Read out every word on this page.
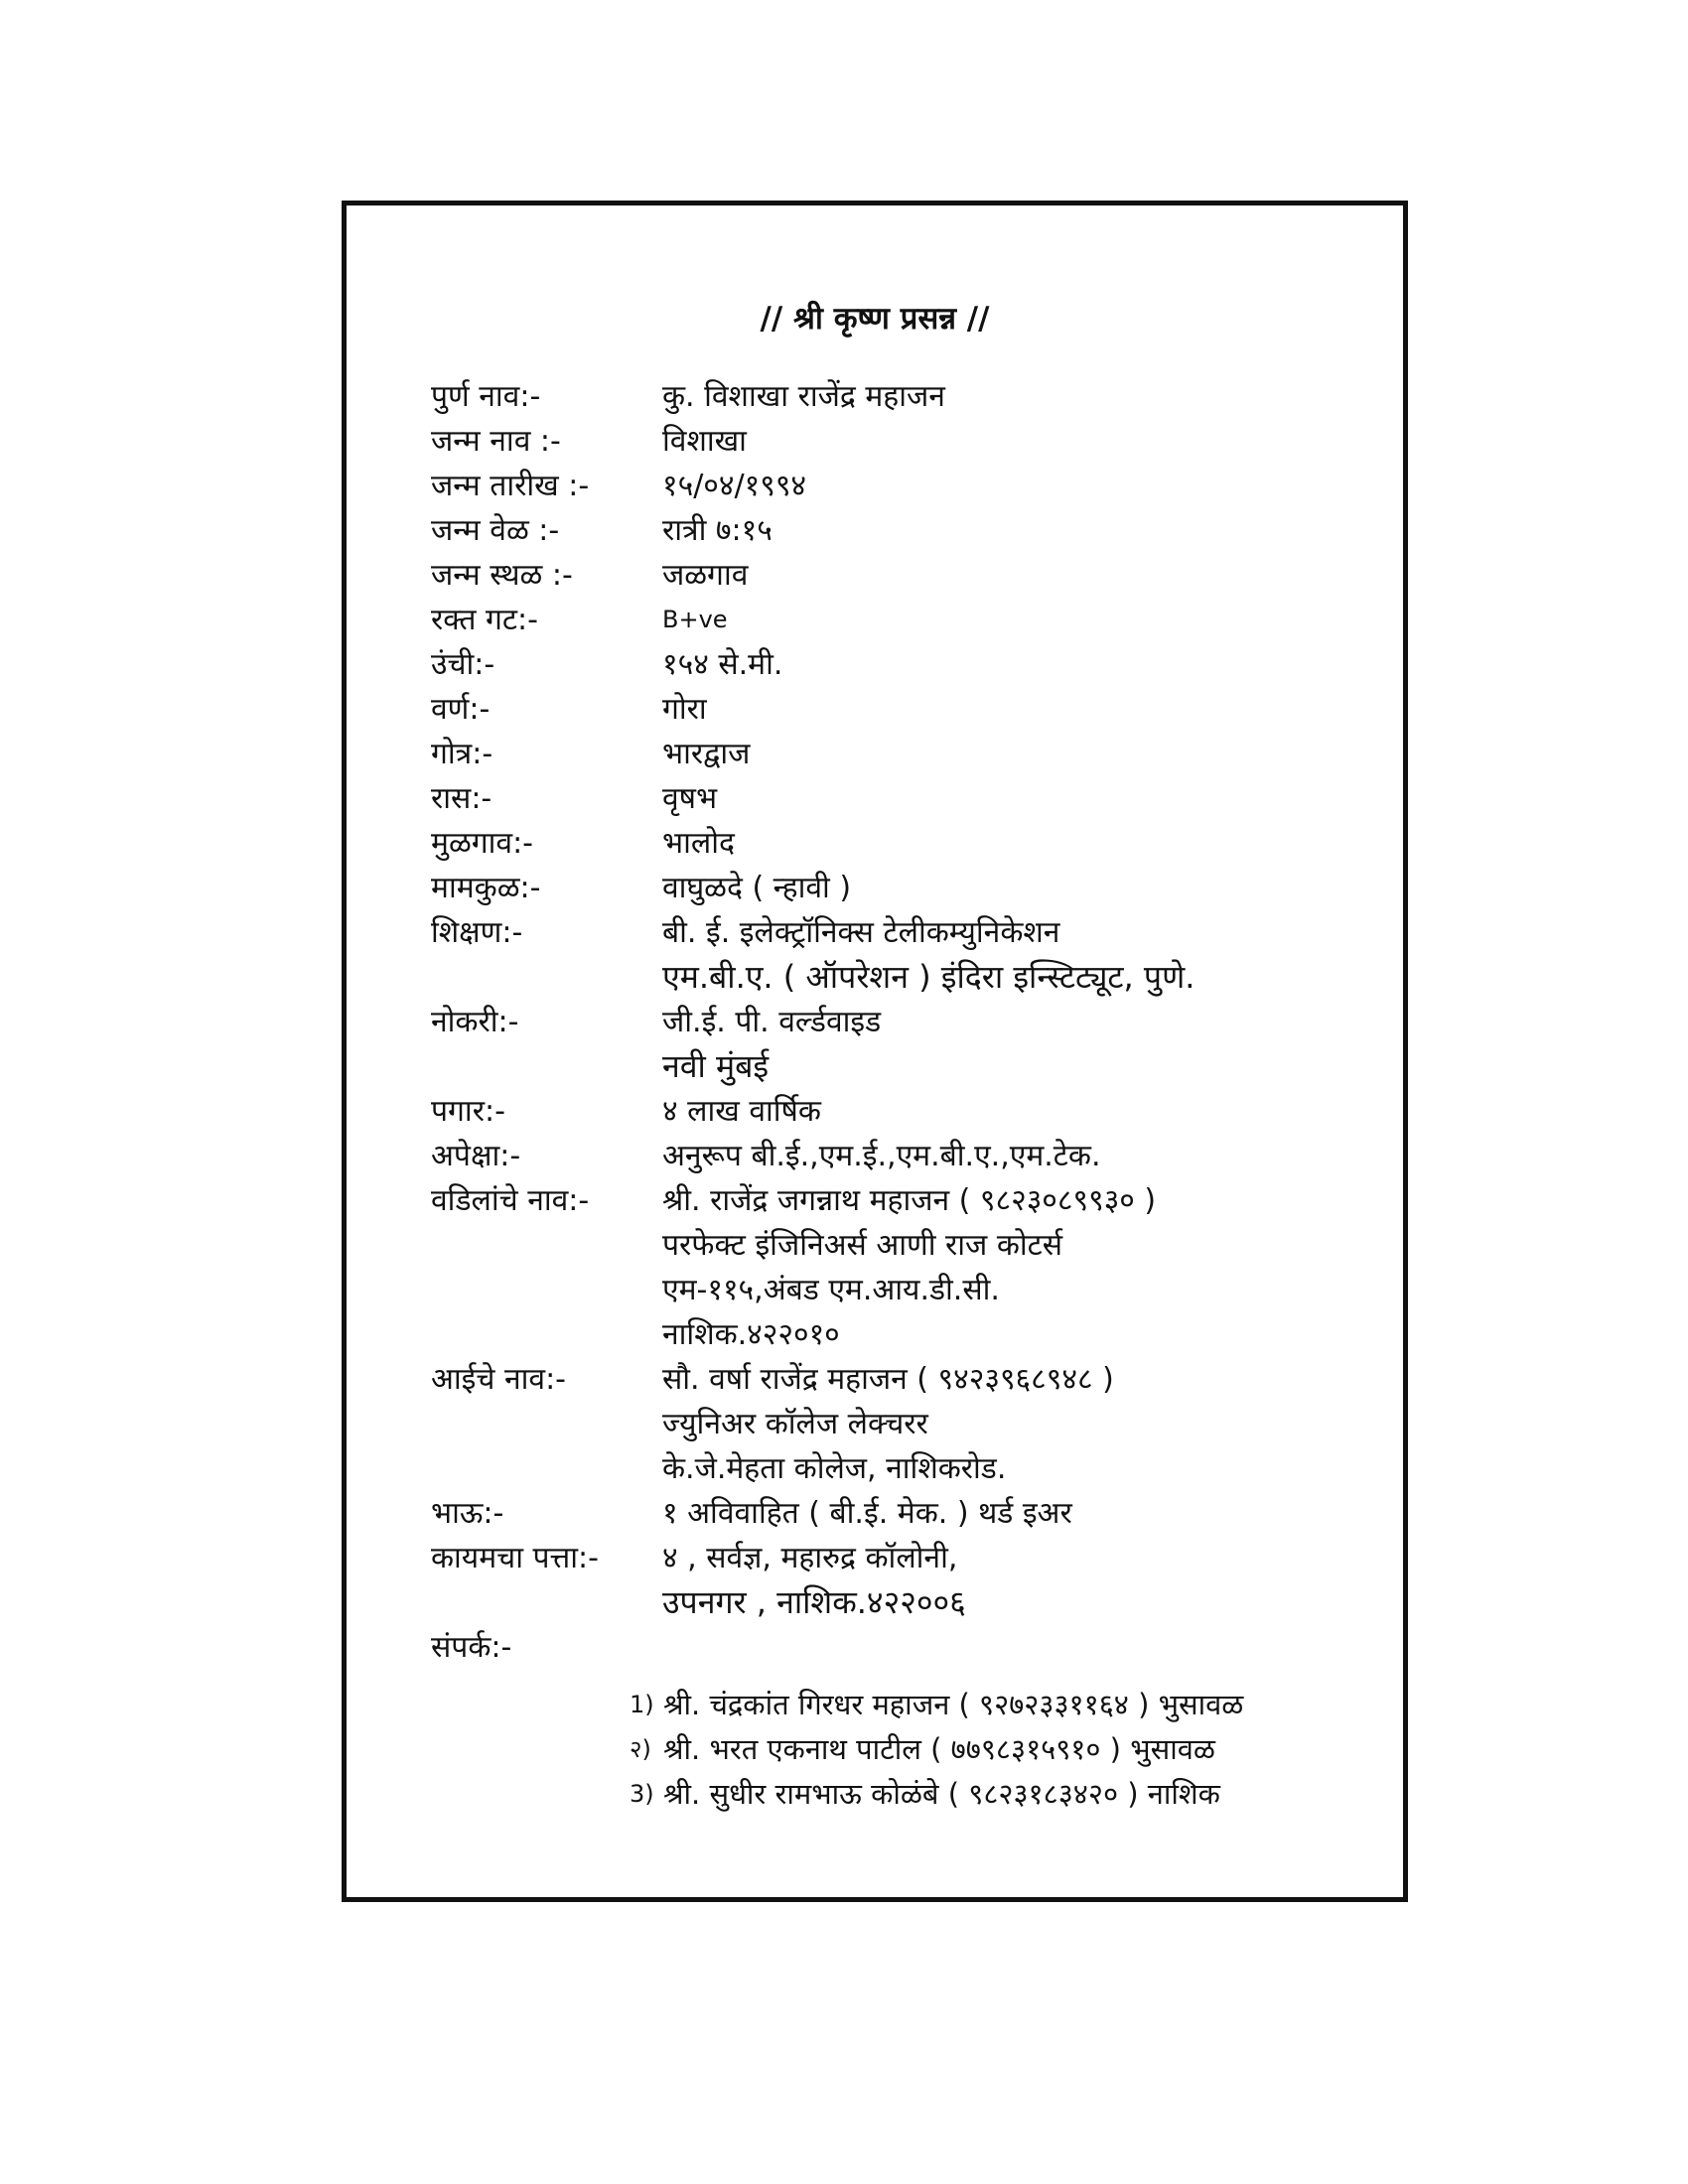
// श्री कृष्ण प्रसन्न //
पुर्ण नाव:-	कु. विशाखा राजेंद्र महाजन
जन्म नाव :-	विशाखा
जन्म तारीख :-	१५/०४/१९९४
जन्म वेळ :-	रात्री ७:१५
जन्म स्थळ :-	जळगाव
रक्त गट:-	B+ve
उंची:-	१५४ से.मी.
वर्ण:-	गोरा
गोत्र:-	भारद्वाज
रास:-	वृषभ
मुळगाव:-	भालोद
मामकुळ:-	वाघुळदे ( न्हावी )
शिक्षण:-	बी. ई. इलेक्ट्रॉनिक्स टेलीकम्युनिकेशन
एम.बी.ए. ( ऑपरेशन ) इंदिरा इन्स्टिट्यूट, पुणे.
नोकरी:-	जी.ई. पी. वर्ल्डवाइड
नवी मुंबई
पगार:-	४ लाख वार्षिक
अपेक्षा:-	अनुरूप बी.ई.,एम.ई.,एम.बी.ए.,एम.टेक.
वडिलांचे नाव:-	श्री. राजेंद्र जगन्नाथ महाजन ( ९८२३०८९९३० )
परफेक्ट इंजिनिअर्स आणी राज कोटर्स
एम-११५,अंबड एम.आय.डी.सी.
नाशिक.४२२०१०
आईचे नाव:-	सौ. वर्षा राजेंद्र महाजन ( ९४२३९६८९४८ )
ज्युनिअर कॉलेज लेक्चरर
के.जे.मेहता कोलेज, नाशिकरोड.
भाऊ:-	१ अविवाहित ( बी.ई. मेक. ) थर्ड इअर
कायमचा पत्ता:-	४ , सर्वज्ञ, महारुद्र कॉलोनी,
उपनगर , नाशिक.४२२००६
संपर्क:-
1) श्री. चंद्रकांत गिरधर महाजन ( ९२७२३३११६४ ) भुसावळ
२) श्री. भरत एकनाथ पाटील ( ७७९८३१५९१० ) भुसावळ
3) श्री. सुधीर रामभाऊ कोळंबे ( ९८२३१८३४२० ) नाशिक
